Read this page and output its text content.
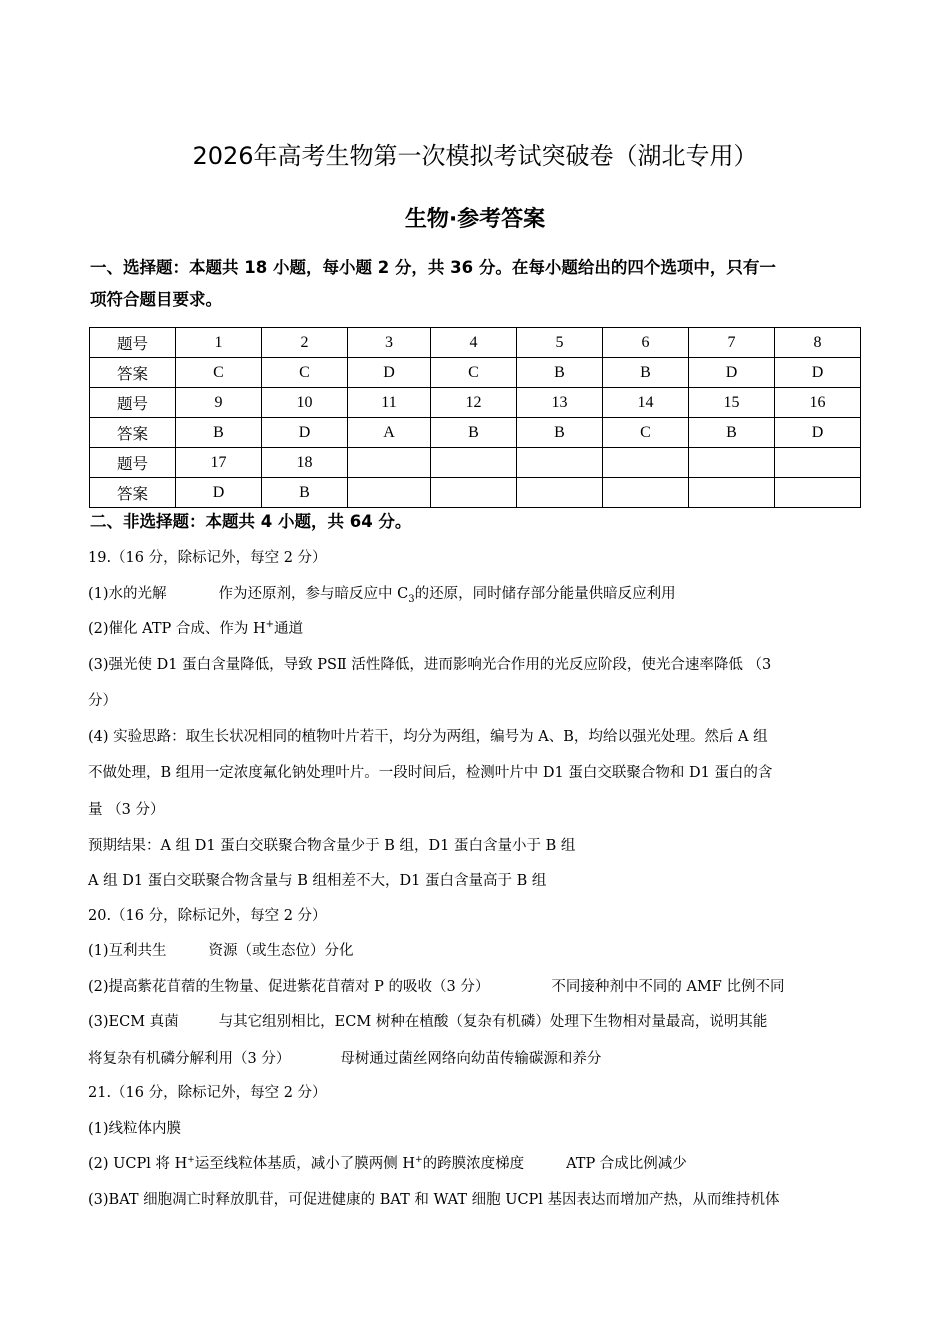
2026年高考生物第一次模拟考试突破卷（湖北专用）
生物·参考答案
一、选择题：本题共 18 小题，每小题 2 分，共 36 分。在每小题给出的四个选项中，只有一
项符合题目要求。
题号	1	2	3	4	5	6	7	8
答案	C	C	D	C	B	B	D	D
题号	9	10	11	12	13	14	15	16
答案	B	D	A	B	B	C	B	D
题号	17	18						
答案	D	B						
二、非选择题：本题共 4 小题，共 64 分。
19.（16 分，除标记外，每空 2 分）
(1)水的光解	作为还原剂，参与暗反应中 $C_3$的还原，同时储存部分能量供暗反应利用
(2)催化 ATP 合成、作为 H+通道
(3)强光使 D1 蛋白含量降低，导致 PSⅡ 活性降低，进而影响光合作用的光反应阶段，使光合速率降低 （3
分）
(4) 实验思路：取生长状况相同的植物叶片若干，均分为两组，编号为 A、B，均给以强光处理。然后 A 组
不做处理，B 组用一定浓度氟化钠处理叶片。一段时间后，检测叶片中 D1 蛋白交联聚合物和 D1 蛋白的含
量 （3 分）
预期结果：A 组 D1 蛋白交联聚合物含量少于 B 组，D1 蛋白含量小于 B 组
A 组 D1 蛋白交联聚合物含量与 B 组相差不大，D1 蛋白含量高于 B 组
20.（16 分，除标记外，每空 2 分）
(1)互利共生	资源（或生态位）分化
(2)提高紫花苜蓿的生物量、促进紫花苜蓿对 P 的吸收（3 分）	不同接种剂中不同的 AMF 比例不同
(3)ECM 真菌	与其它组别相比，ECM 树种在植酸（复杂有机磷）处理下生物相对量最高，说明其能
将复杂有机磷分解利用（3 分）	母树通过菌丝网络向幼苗传输碳源和养分
21.（16 分，除标记外，每空 2 分）
(1)线粒体内膜
(2) UCPl 将 H+运至线粒体基质，减小了膜两侧 H+的跨膜浓度梯度	ATP 合成比例减少
(3)BAT 细胞凋亡时释放肌苷，可促进健康的 BAT 和 WAT 细胞 UCPl 基因表达而增加产热，从而维持机体
